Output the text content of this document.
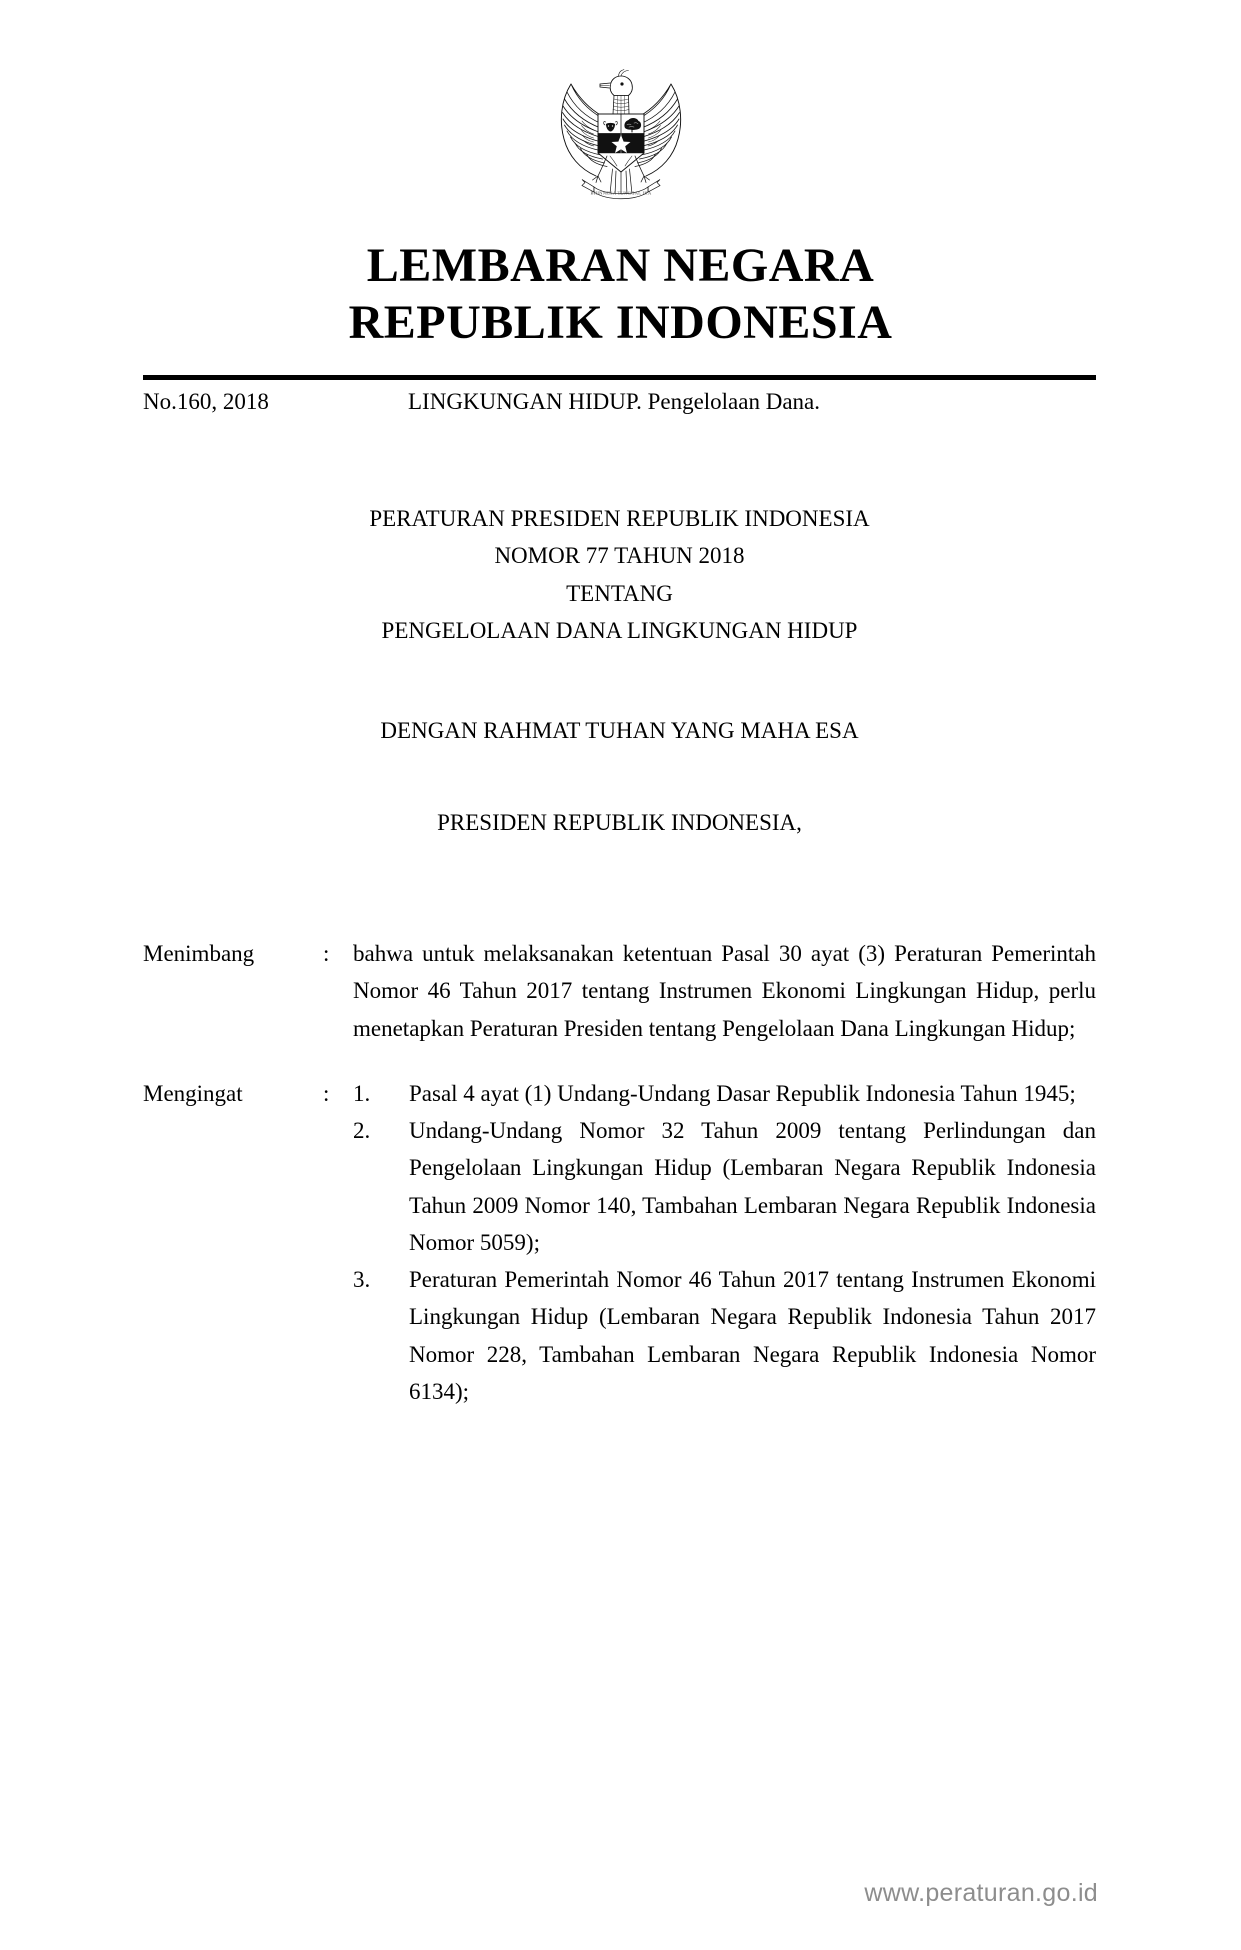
BHINNEKA TUNGGAL IKA
LEMBARAN NEGARA
REPUBLIK INDONESIA
No.160, 2018	LINGKUNGAN HIDUP. Pengelolaan Dana.
PERATURAN PRESIDEN REPUBLIK INDONESIA
NOMOR 77 TAHUN 2018
TENTANG
PENGELOLAAN DANA LINGKUNGAN HIDUP
DENGAN RAHMAT TUHAN YANG MAHA ESA
PRESIDEN REPUBLIK INDONESIA,
Menimbang	:	bahwa untuk melaksanakan ketentuan Pasal 30 ayat (3) Peraturan Pemerintah Nomor 46 Tahun 2017 tentang Instrumen Ekonomi Lingkungan Hidup, perlu menetapkan Peraturan Presiden tentang Pengelolaan Dana Lingkungan Hidup;

Mengingat	:	1.	Pasal 4 ayat (1) Undang-Undang Dasar Republik Indonesia Tahun 1945;
2.	Undang-Undang Nomor 32 Tahun 2009 tentang Perlindungan dan Pengelolaan Lingkungan Hidup (Lembaran Negara Republik Indonesia Tahun 2009 Nomor 140, Tambahan Lembaran Negara Republik Indonesia Nomor 5059);
3.	Peraturan Pemerintah Nomor 46 Tahun 2017 tentang Instrumen Ekonomi Lingkungan Hidup (Lembaran Negara Republik Indonesia Tahun 2017 Nomor 228, Tambahan Lembaran Negara Republik Indonesia Nomor 6134);
www.peraturan.go.id
